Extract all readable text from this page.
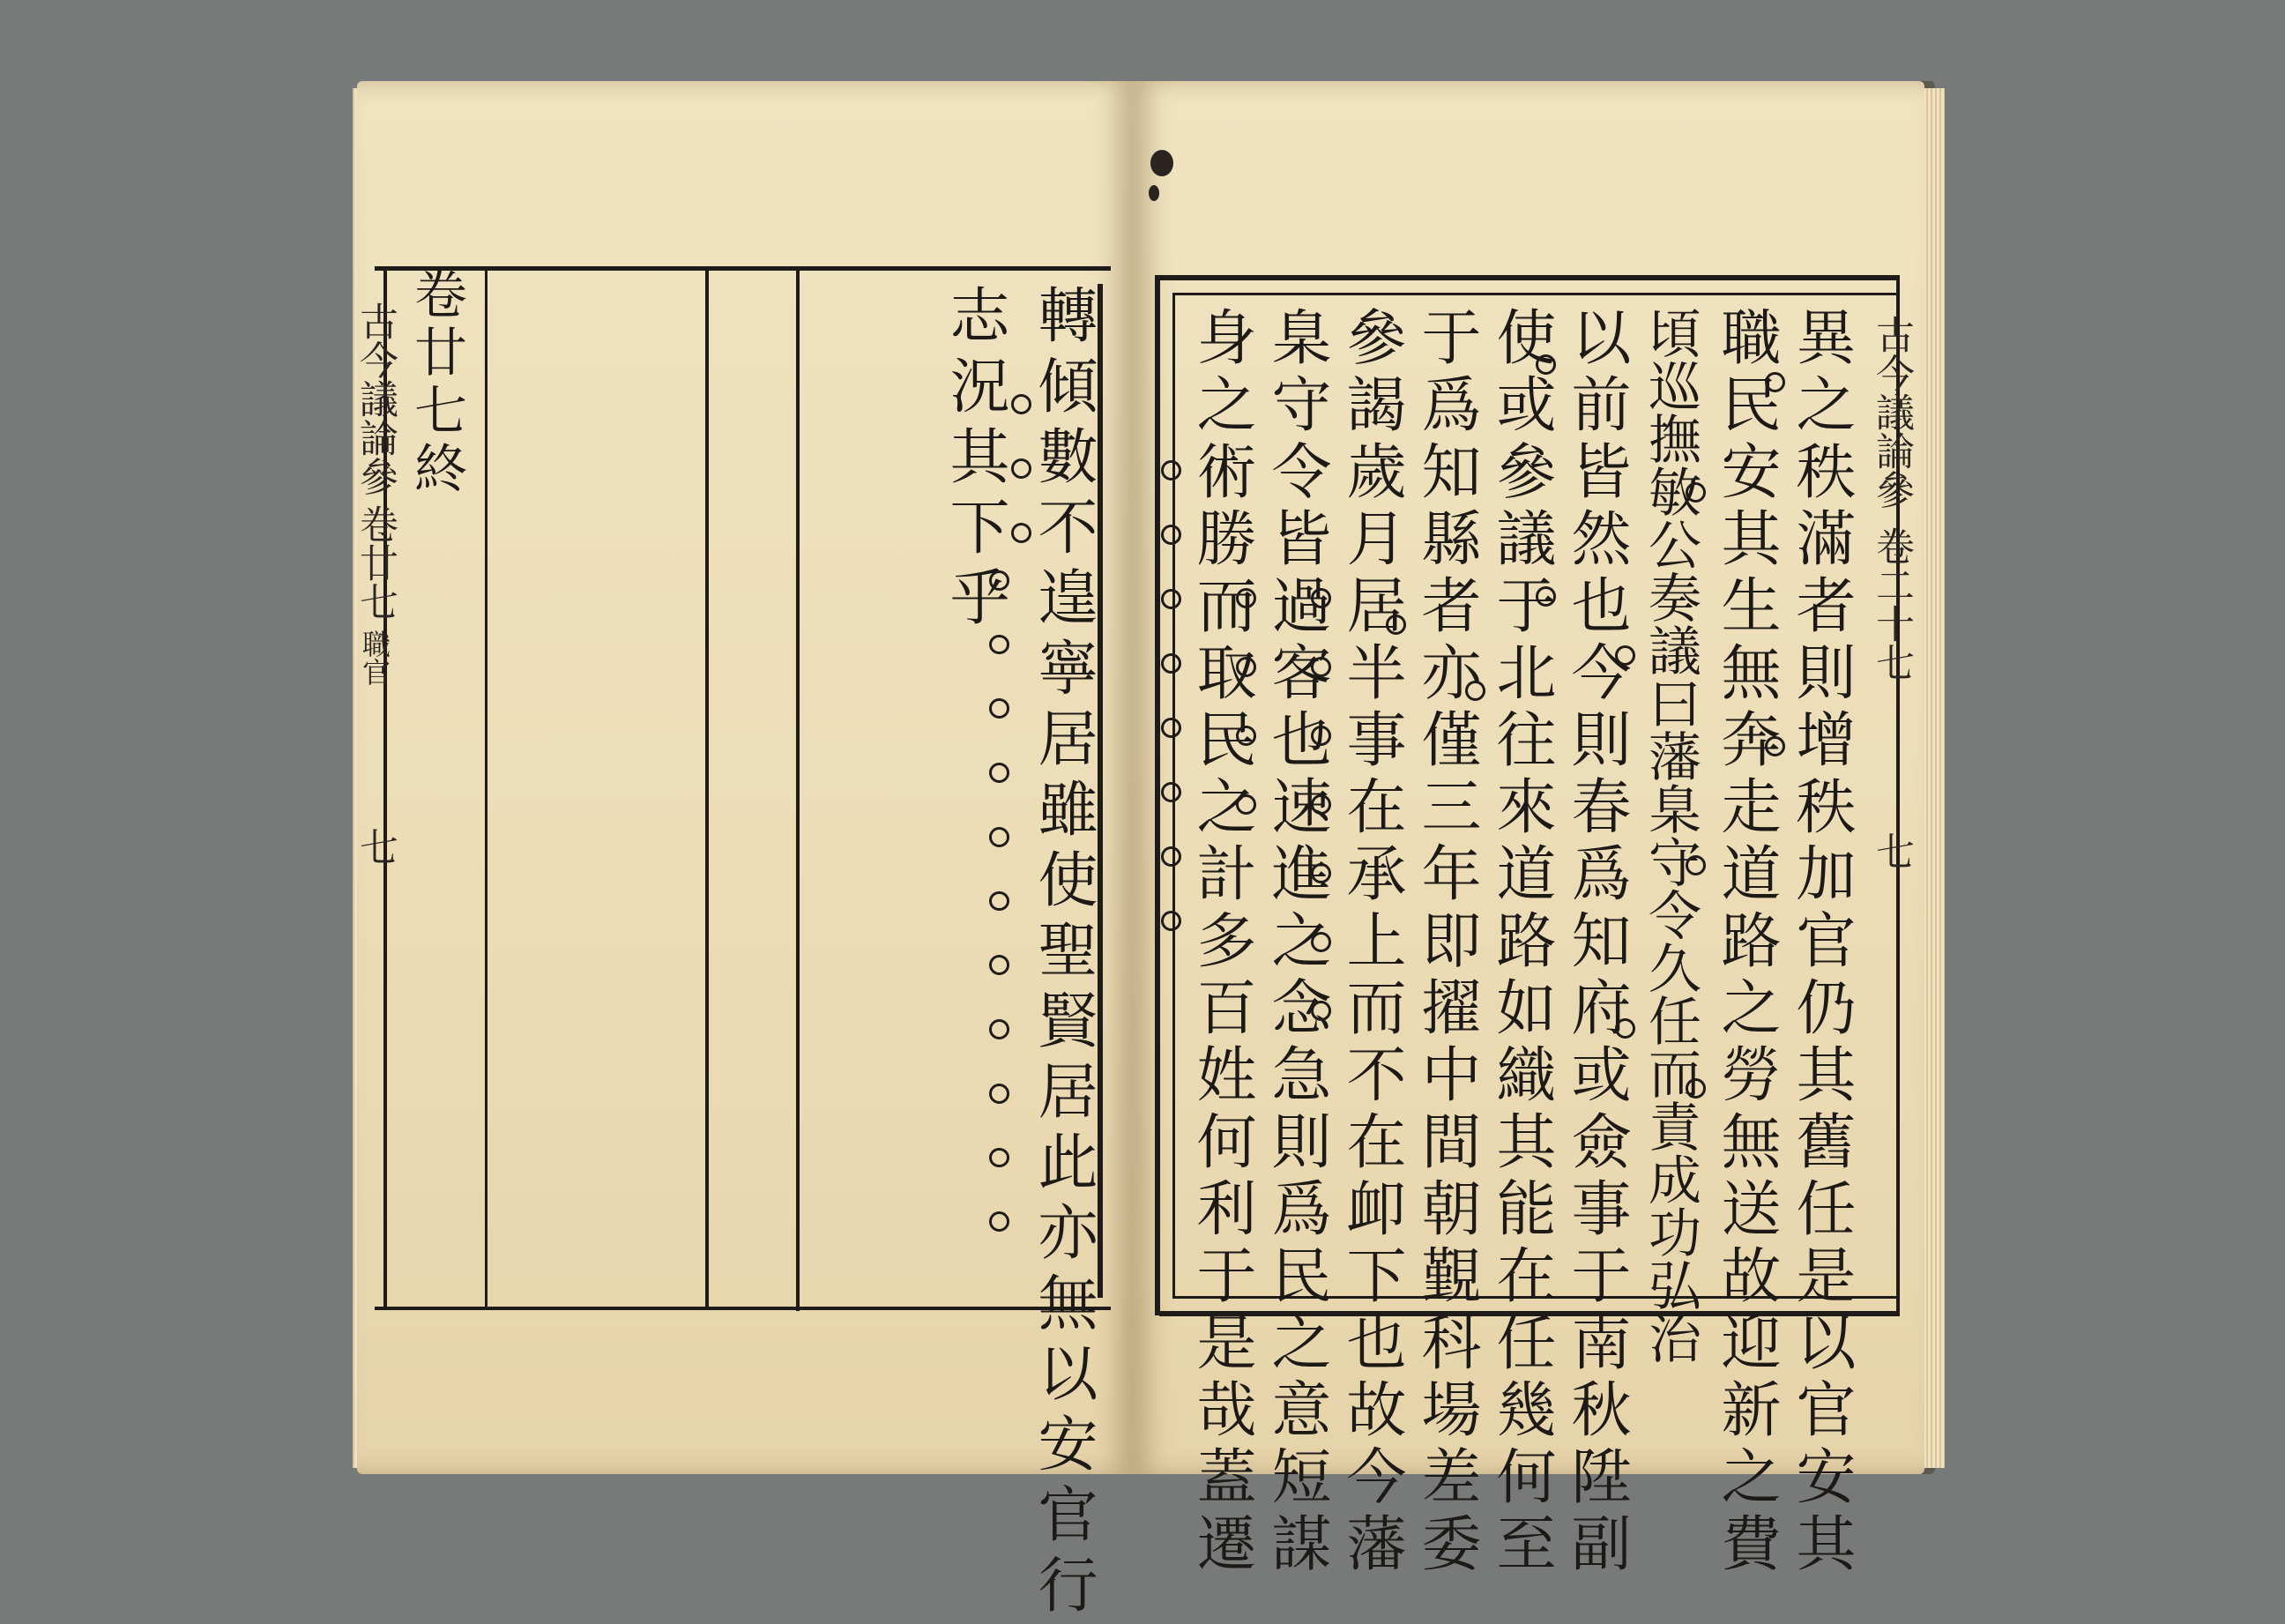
古今議論參
卷廿七
職官
七
卷廿七終	轉傾數不遑寧居雖使聖賢居此亦無以安官行
志況其下乎	古今議論參
卷二十七
七
異之秩滿者則增秩加官仍其舊任是以官安其
職民安其生無奔走道路之勞無送故迎新之費
頃巡撫敏公奏議曰藩臬守令久任而責成功弘治
以前皆然也今則春爲知府或僉事于南秋陞副
使或參議于北往來道路如織其能在任幾何至
于爲知縣者亦僅三年即擢中間朝覲科場差委
參謁歲月居半事在承上而不在卹下也故今藩
臬守令皆過客也速進之念急則爲民之意短謀
身之術勝而取民之計多百姓何利于是哉蓋遷
